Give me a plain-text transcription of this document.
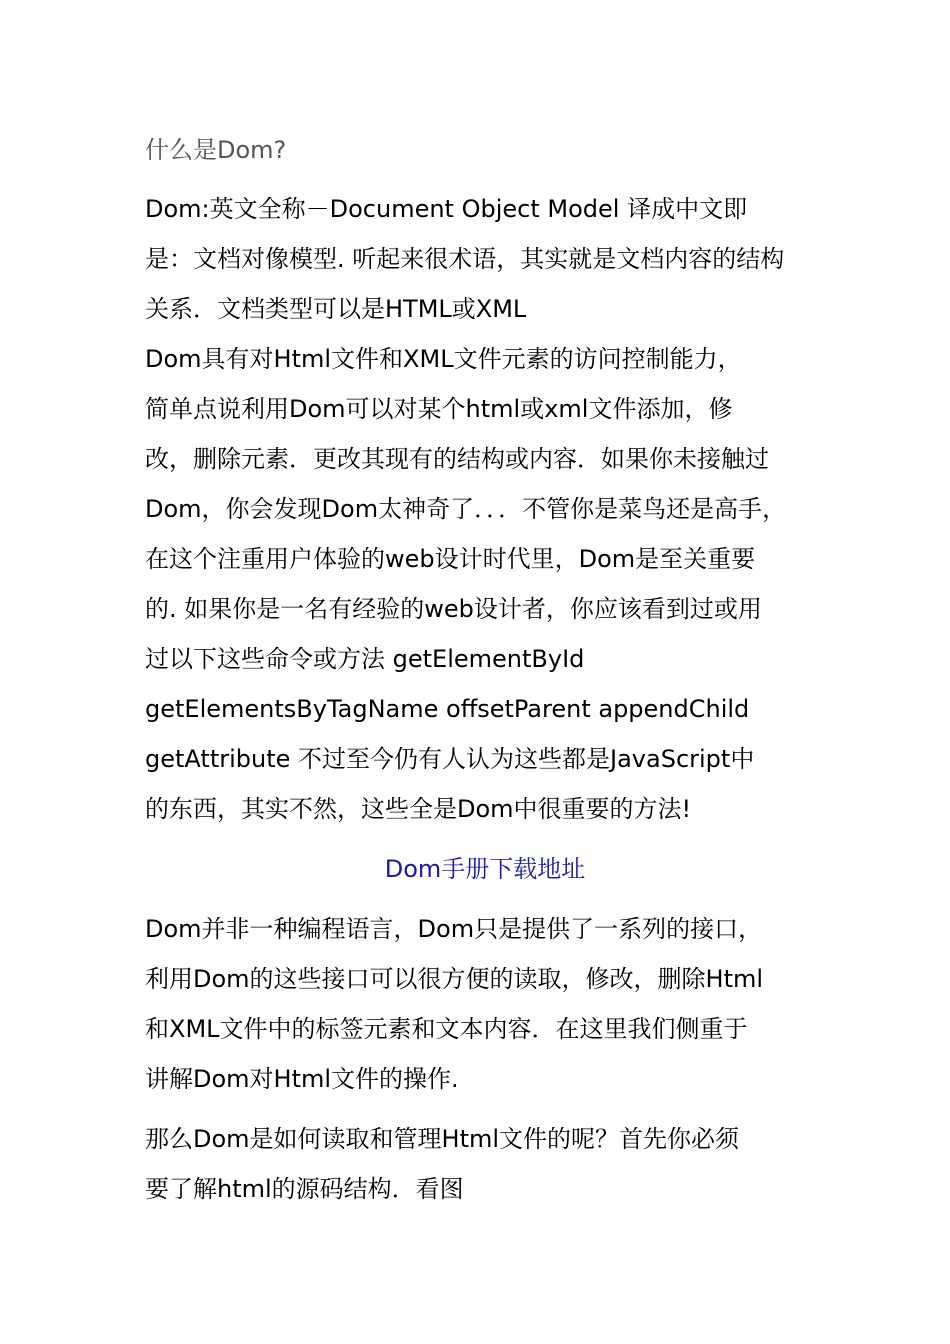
什么是Dom?
Dom:英文全称－Document Object Model 译成中文即
是：文档对像模型. 听起来很术语，其实就是文档内容的结构
关系．文档类型可以是HTML或XML
Dom具有对Html文件和XML文件元素的访问控制能力，
简单点说利用Dom可以对某个html或xml文件添加，修
改，删除元素．更改其现有的结构或内容．如果你未接触过
Dom，你会发现Dom太神奇了．．．不管你是菜鸟还是高手，
在这个注重用户体验的web设计时代里，Dom是至关重要
的. 如果你是一名有经验的web设计者，你应该看到过或用
过以下这些命令或方法 getElementById
getElementsByTagName offsetParent appendChild
getAttribute 不过至今仍有人认为这些都是JavaScript中
的东西，其实不然，这些全是Dom中很重要的方法!
Dom手册下载地址
Dom并非一种编程语言，Dom只是提供了一系列的接口，
利用Dom的这些接口可以很方便的读取，修改，删除Html
和XML文件中的标签元素和文本内容．在这里我们侧重于
讲解Dom对Html文件的操作.
那么Dom是如何读取和管理Html文件的呢？首先你必须
要了解html的源码结构．看图
